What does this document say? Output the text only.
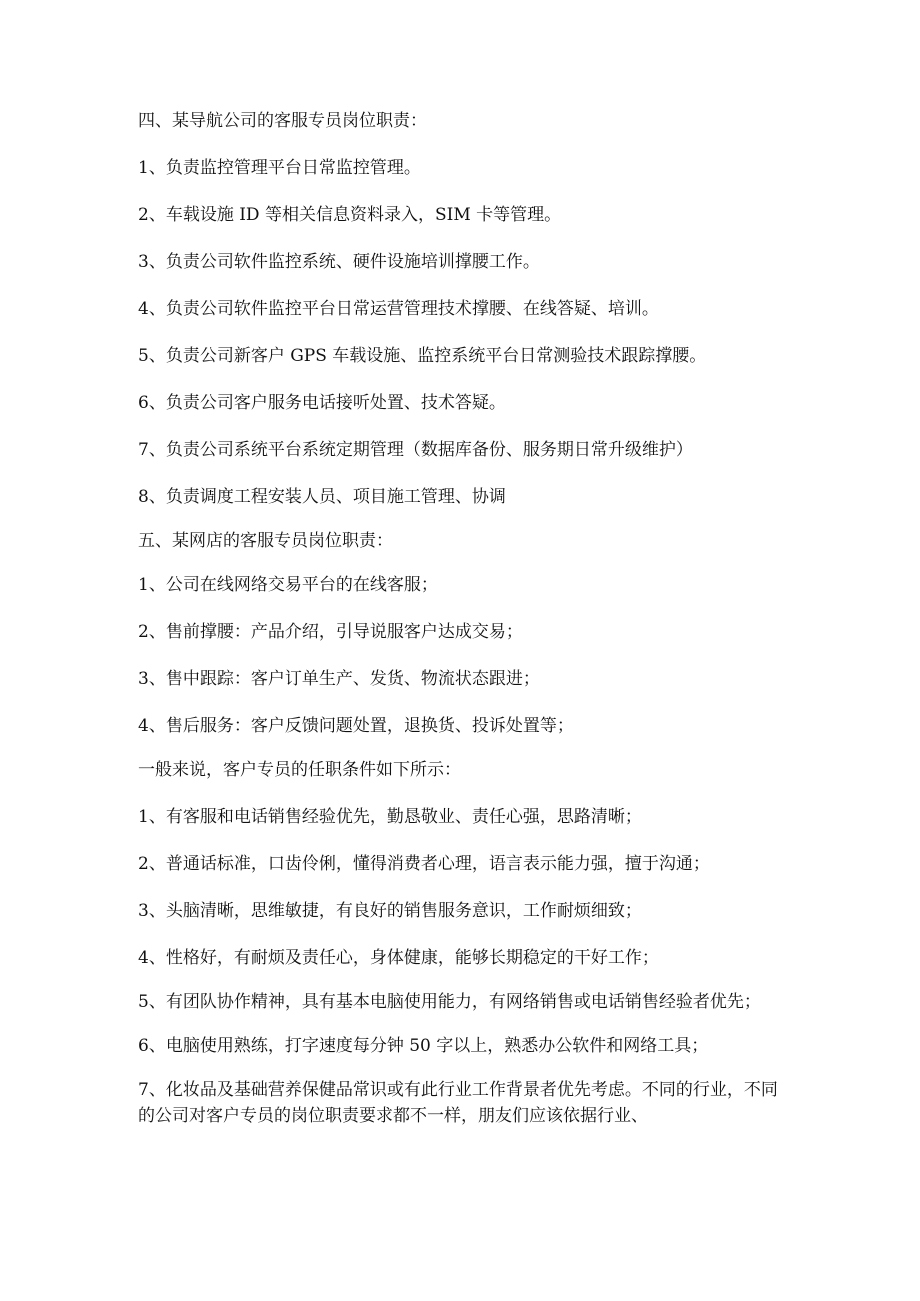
四、某导航公司的客服专员岗位职责：

1、负责监控管理平台日常监控管理。

2、车载设施 ID 等相关信息资料录入，SIM 卡等管理。

3、负责公司软件监控系统、硬件设施培训撑腰工作。

4、负责公司软件监控平台日常运营管理技术撑腰、在线答疑、培训。

5、负责公司新客户 GPS 车载设施、监控系统平台日常测验技术跟踪撑腰。

6、负责公司客户服务电话接听处置、技术答疑。

7、负责公司系统平台系统定期管理（数据库备份、服务期日常升级维护）

8、负责调度工程安装人员、项目施工管理、协调

五、某网店的客服专员岗位职责：

1、公司在线网络交易平台的在线客服；

2、售前撑腰：产品介绍，引导说服客户达成交易；

3、售中跟踪：客户订单生产、发货、物流状态跟进；

4、售后服务：客户反馈问题处置，退换货、投诉处置等；

一般来说，客户专员的任职条件如下所示：

1、有客服和电话销售经验优先，勤恳敬业、责任心强，思路清晰；

2、普通话标准，口齿伶俐，懂得消费者心理，语言表示能力强，擅于沟通；

3、头脑清晰，思维敏捷，有良好的销售服务意识，工作耐烦细致；

4、性格好，有耐烦及责任心，身体健康，能够长期稳定的干好工作；

5、有团队协作精神，具有基本电脑使用能力，有网络销售或电话销售经验者优先；

6、电脑使用熟练，打字速度每分钟 50 字以上，熟悉办公软件和网络工具；

7、化妆品及基础营养保健品常识或有此行业工作背景者优先考虑。不同的行业，不同的公司对客户专员的岗位职责要求都不一样，朋友们应该依据行业、
